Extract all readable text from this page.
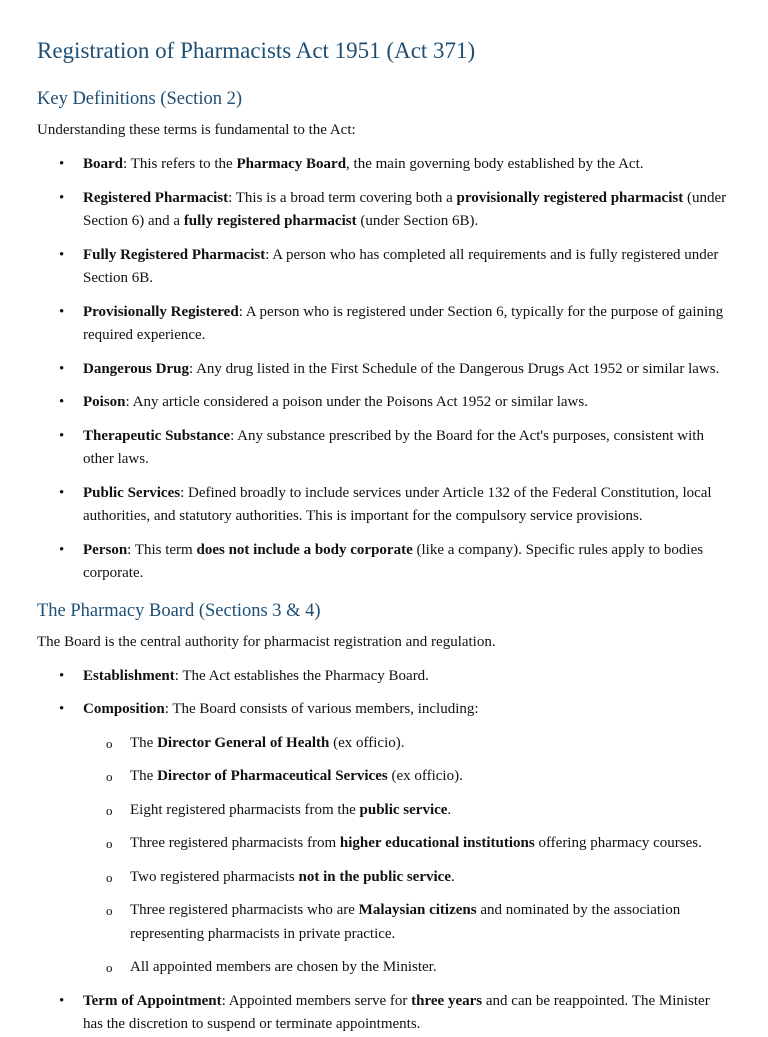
Registration of Pharmacists Act 1951 (Act 371)
Key Definitions (Section 2)

Understanding these terms is fundamental to the Act:

• Board: This refers to the Pharmacy Board, the main governing body established by the Act.
• Registered Pharmacist: This is a broad term covering both a provisionally registered pharmacist (under Section 6) and a fully registered pharmacist (under Section 6B).
• Fully Registered Pharmacist: A person who has completed all requirements and is fully registered under Section 6B.
• Provisionally Registered: A person who is registered under Section 6, typically for the purpose of gaining required experience.
• Dangerous Drug: Any drug listed in the First Schedule of the Dangerous Drugs Act 1952 or similar laws.
• Poison: Any article considered a poison under the Poisons Act 1952 or similar laws.
• Therapeutic Substance: Any substance prescribed by the Board for the Act's purposes, consistent with other laws.
• Public Services: Defined broadly to include services under Article 132 of the Federal Constitution, local authorities, and statutory authorities. This is important for the compulsory service provisions.
• Person: This term does not include a body corporate (like a company). Specific rules apply to bodies corporate.
The Pharmacy Board (Sections 3 & 4)

The Board is the central authority for pharmacist registration and regulation.

• Establishment: The Act establishes the Pharmacy Board.
• Composition: The Board consists of various members, including:
o The Director General of Health (ex officio).
o The Director of Pharmaceutical Services (ex officio).
o Eight registered pharmacists from the public service.
o Three registered pharmacists from higher educational institutions offering pharmacy courses.
o Two registered pharmacists not in the public service.
o Three registered pharmacists who are Malaysian citizens and nominated by the association representing pharmacists in private practice.
o All appointed members are chosen by the Minister.
• Term of Appointment: Appointed members serve for three years and can be reappointed. The Minister has the discretion to suspend or terminate appointments.
